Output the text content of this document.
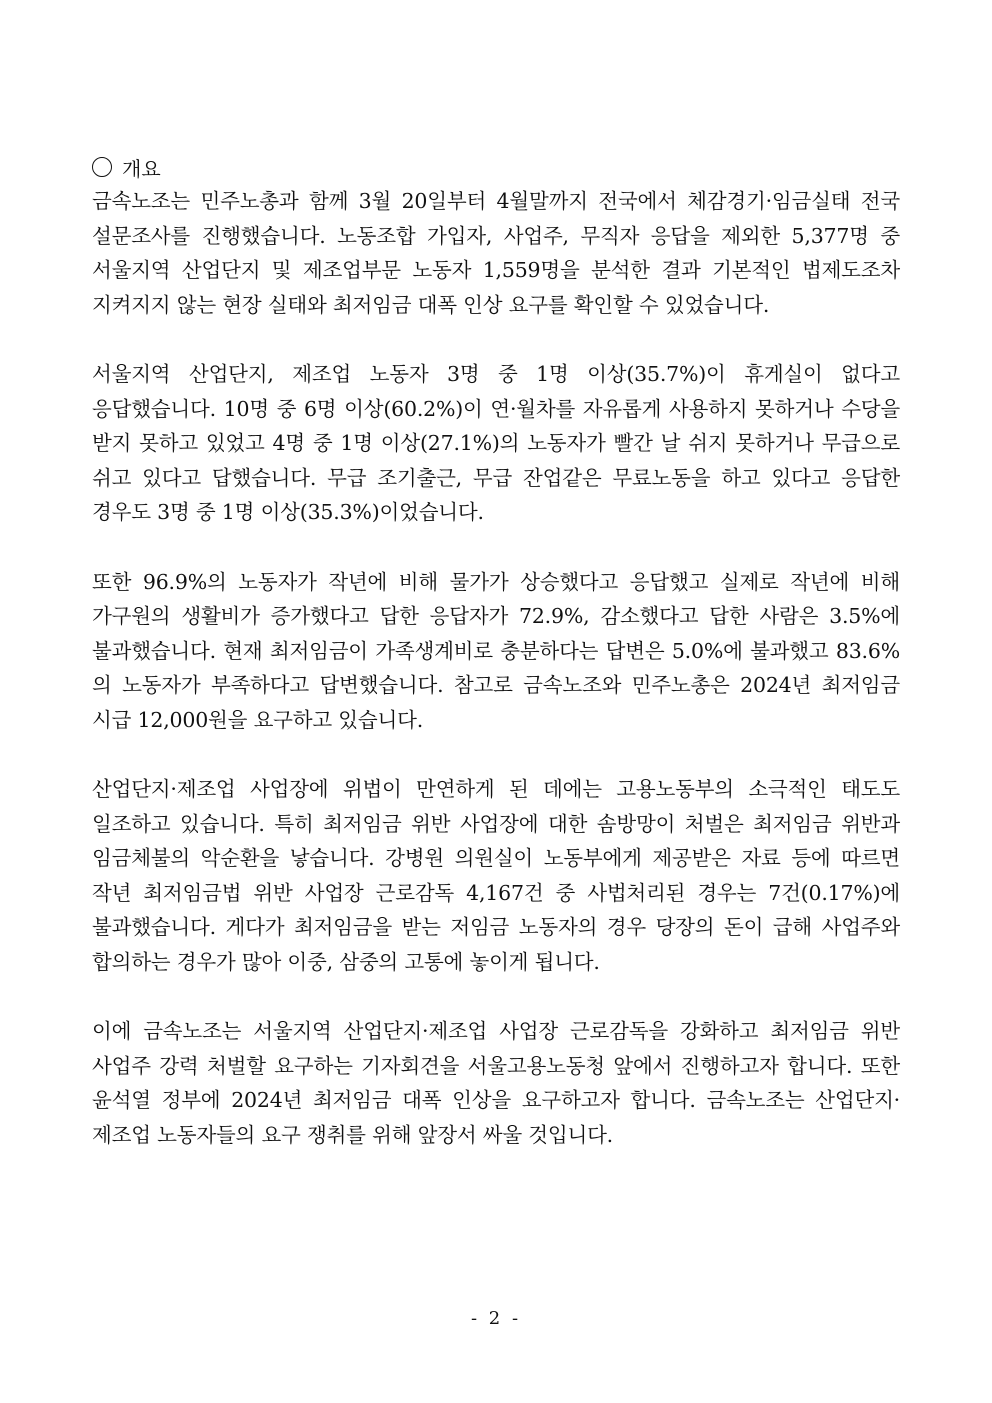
개요

금속노조는 민주노총과 함께 3월 20일부터 4월말까지 전국에서 체감경기·임금실태 전국 설문조사를 진행했습니다. 노동조합 가입자, 사업주, 무직자 응답을 제외한 5,377명 중 서울지역 산업단지 및 제조업부문 노동자 1,559명을 분석한 결과 기본적인 법제도조차 지켜지지 않는 현장 실태와 최저임금 대폭 인상 요구를 확인할 수 있었습니다.

서울지역 산업단지, 제조업 노동자 3명 중 1명 이상(35.7%)이 휴게실이 없다고 응답했습니다. 10명 중 6명 이상(60.2%)이 연·월차를 자유롭게 사용하지 못하거나 수당을 받지 못하고 있었고 4명 중 1명 이상(27.1%)의 노동자가 빨간 날 쉬지 못하거나 무급으로 쉬고 있다고 답했습니다. 무급 조기출근, 무급 잔업같은 무료노동을 하고 있다고 응답한 경우도 3명 중 1명 이상(35.3%)이었습니다.

또한 96.9%의 노동자가 작년에 비해 물가가 상승했다고 응답했고 실제로 작년에 비해 가구원의 생활비가 증가했다고 답한 응답자가 72.9%, 감소했다고 답한 사람은 3.5%에 불과했습니다. 현재 최저임금이 가족생계비로 충분하다는 답변은 5.0%에 불과했고 83.6%의 노동자가 부족하다고 답변했습니다. 참고로 금속노조와 민주노총은 2024년 최저임금 시급 12,000원을 요구하고 있습니다.

산업단지·제조업 사업장에 위법이 만연하게 된 데에는 고용노동부의 소극적인 태도도 일조하고 있습니다. 특히 최저임금 위반 사업장에 대한 솜방망이 처벌은 최저임금 위반과 임금체불의 악순환을 낳습니다. 강병원 의원실이 노동부에게 제공받은 자료 등에 따르면 작년 최저임금법 위반 사업장 근로감독 4,167건 중 사법처리된 경우는 7건(0.17%)에 불과했습니다. 게다가 최저임금을 받는 저임금 노동자의 경우 당장의 돈이 급해 사업주와 합의하는 경우가 많아 이중, 삼중의 고통에 놓이게 됩니다.

이에 금속노조는 서울지역 산업단지·제조업 사업장 근로감독을 강화하고 최저임금 위반 사업주 강력 처벌할 요구하는 기자회견을 서울고용노동청 앞에서 진행하고자 합니다. 또한 윤석열 정부에 2024년 최저임금 대폭 인상을 요구하고자 합니다. 금속노조는 산업단지·제조업 노동자들의 요구 쟁취를 위해 앞장서 싸울 것입니다.

- 2 -
